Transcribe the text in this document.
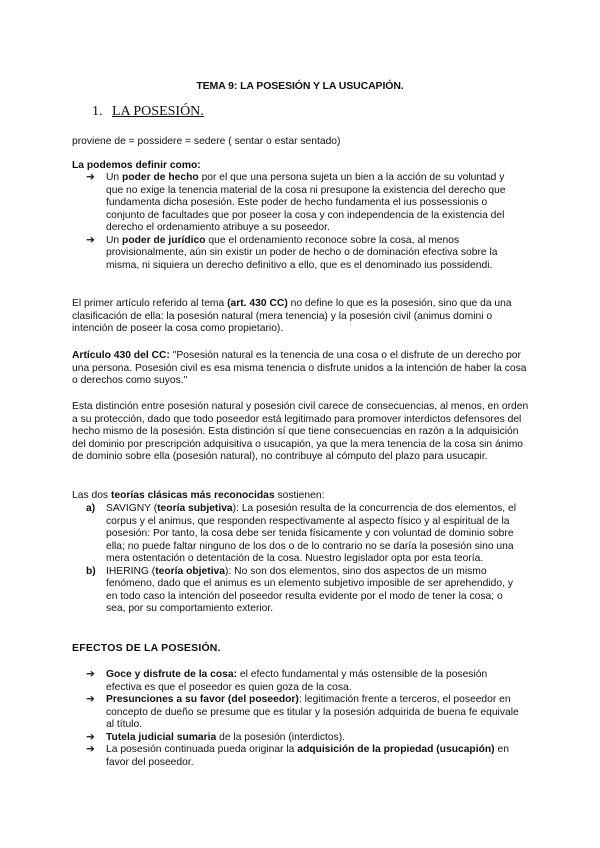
TEMA 9: LA POSESIÓN Y LA USUCAPIÓN.
1. LA POSESIÓN.

proviene de = possidere = sedere ( sentar o estar sentado)

La podemos definir como:

➔ Un poder de hecho por el que una persona sujeta un bien a la acción de su voluntad y que no exige la tenencia material de la cosa ni presupone la existencia del derecho que fundamenta dicha posesión. Este poder de hecho fundamenta el ius possessionis o conjunto de facultades que por poseer la cosa y con independencia de la existencia del derecho el ordenamiento atribuye a su poseedor.
➔ Un poder de jurídico que el ordenamiento reconoce sobre la cosa, al menos provisionalmente, aún sin existir un poder de hecho o de dominación efectiva sobre la misma, ni siquiera un derecho definitivo a ello, que es el denominado ius possidendi.

El primer artículo referido al tema (art. 430 CC) no define lo que es la posesión, sino que da una clasificación de ella: la posesión natural (mera tenencia) y la posesión civil (animus domini o intención de poseer la cosa como propietario).

Artículo 430 del CC: "Posesión natural es la tenencia de una cosa o el disfrute de un derecho por una persona. Posesión civil es esa misma tenencia o disfrute unidos a la intención de haber la cosa o derechos como suyos."

Esta distinción entre posesión natural y posesión civil carece de consecuencias, al menos, en orden a su protección, dado que todo poseedor está legitimado para promover interdictos defensores del hecho mismo de la posesión. Esta distinción sí que tiene consecuencias en razón a la adquisición del dominio por prescripción adquisitiva o usucapión, ya que la mera tenencia de la cosa sin ánimo de dominio sobre ella (posesión natural), no contribuye al cómputo del plazo para usucapir.

Las dos teorías clásicas más reconocidas sostienen:

a) SAVIGNY (teoría subjetiva): La posesión resulta de la concurrencia de dos elementos, el corpus y el animus, que responden respectivamente al aspecto físico y al espiritual de la posesión: Por tanto, la cosa debe ser tenida físicamente y con voluntad de dominio sobre ella; no puede faltar ninguno de los dos o de lo contrario no se daría la posesión sino una mera ostentación o detentación de la cosa. Nuestro legislador opta por esta teoría.
b) IHERING (teoría objetiva): No son dos elementos, sino dos aspectos de un mismo fenómeno, dado que el animus es un elemento subjetivo imposible de ser aprehendido, y en todo caso la intención del poseedor resulta evidente por el modo de tener la cosa; o sea, por su comportamiento exterior.

EFECTOS DE LA POSESIÓN.

➔ Goce y disfrute de la cosa: el efecto fundamental y más ostensible de la posesión efectiva es que el poseedor es quien goza de la cosa.
➔ Presunciones a su favor (del poseedor): legitimación frente a terceros, el poseedor en concepto de dueño se presume que es titular y la posesión adquirida de buena fe equivale al título.
➔ Tutela judicial sumaria de la posesión (interdictos).
➔ La posesión continuada pueda originar la adquisición de la propiedad (usucapión) en favor del poseedor.
